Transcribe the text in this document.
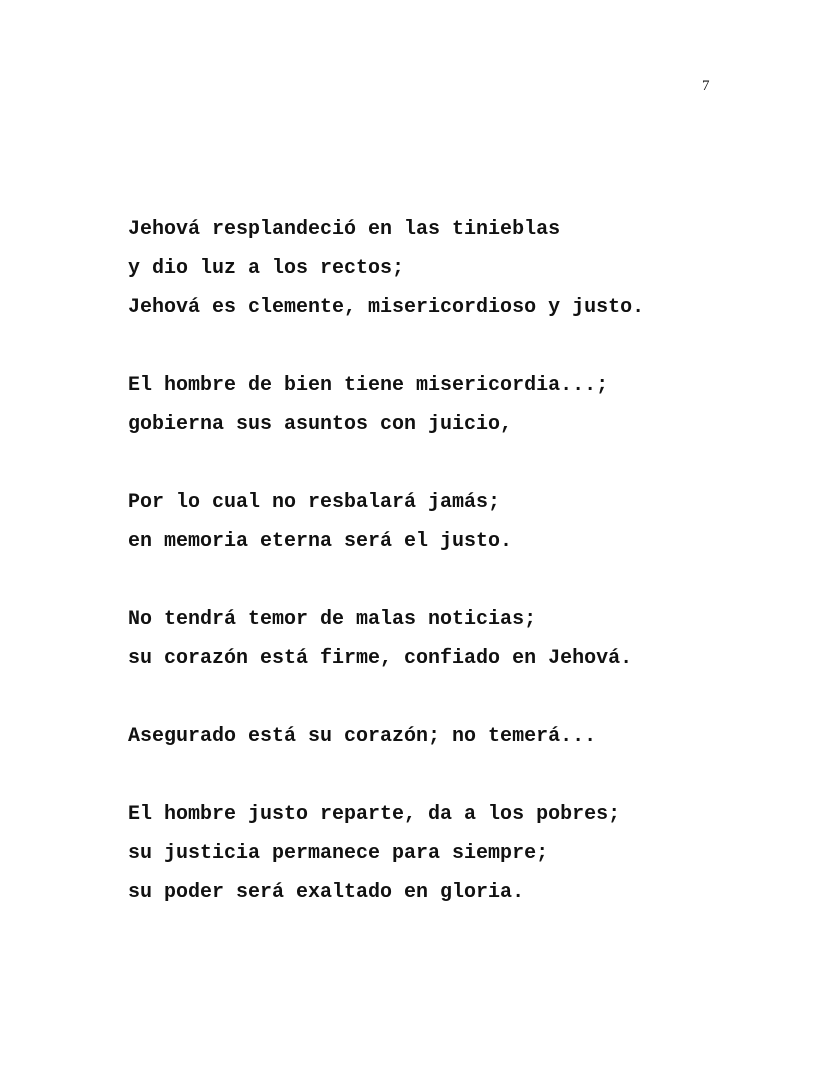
7
Jehová resplandeció en las tinieblas
y dio luz a los rectos;
Jehová es clemente, misericordioso y justo.
El hombre de bien tiene misericordia...;
gobierna sus asuntos con juicio,
Por lo cual no resbalará jamás;
en memoria eterna será el justo.
No tendrá temor de malas noticias;
su corazón está firme, confiado en Jehová.
Asegurado está su corazón; no temerá...
El hombre justo reparte, da a los pobres;
su justicia permanece para siempre;
su poder será exaltado en gloria.
